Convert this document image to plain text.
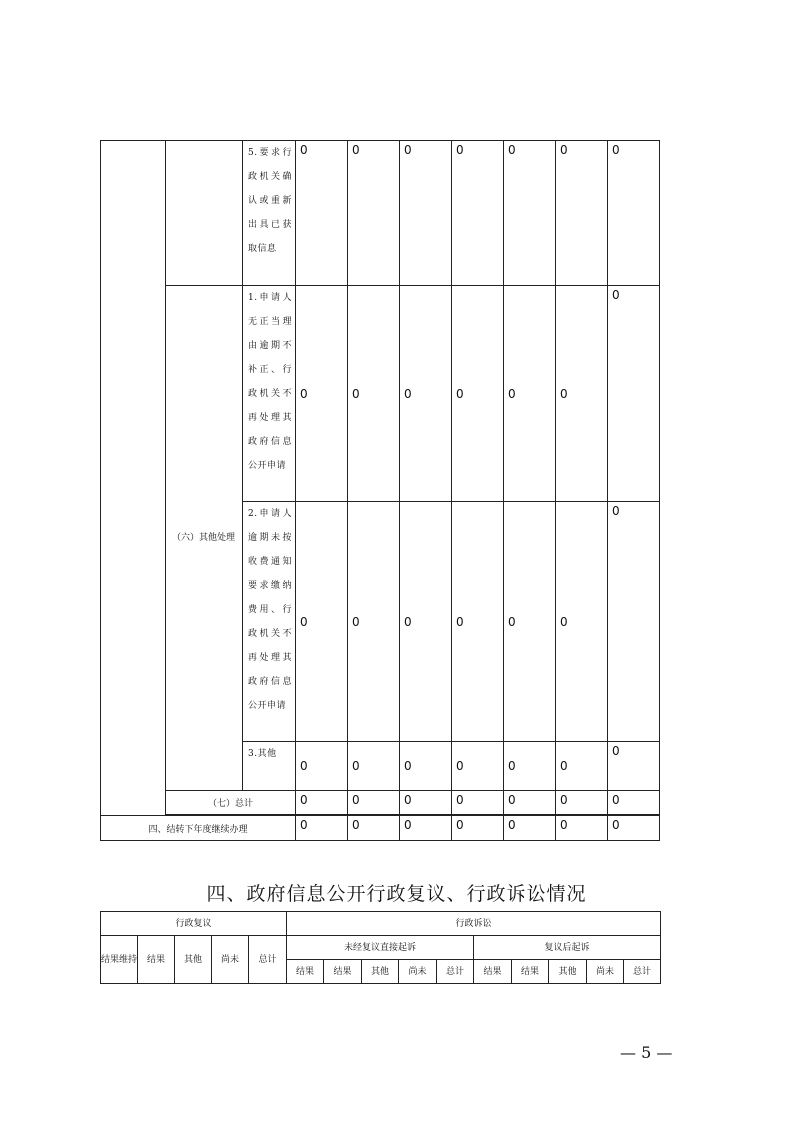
		5.要求行政机关确认或重新出具已获取信息	0	0	0	0	0	0	0

	（六）其他处理	1.申请人无正当理由逾期不补正、行政机关不再处理其政府信息公开申请	0	0	0	0	0	0	0
		2.申请人逾期未按收费通知要求缴纳费用、行政机关不再处理其政府信息公开申请	0	0	0	0	0	0	0
		3.其他	0	0	0	0	0	0	0
	（七）总计		0	0	0	0	0	0	0

四、结转下年度继续办理			0	0	0	0	0	0	0
四、政府信息公开行政复议、行政诉讼情况
行政复议					行政诉讼									
结果维持	结果	其他	尚未	总计	未经复议直接起诉					复议后起诉				
					结果	结果	其他	尚未	总计	结果	结果	其他	尚未	总计
— 5 —
